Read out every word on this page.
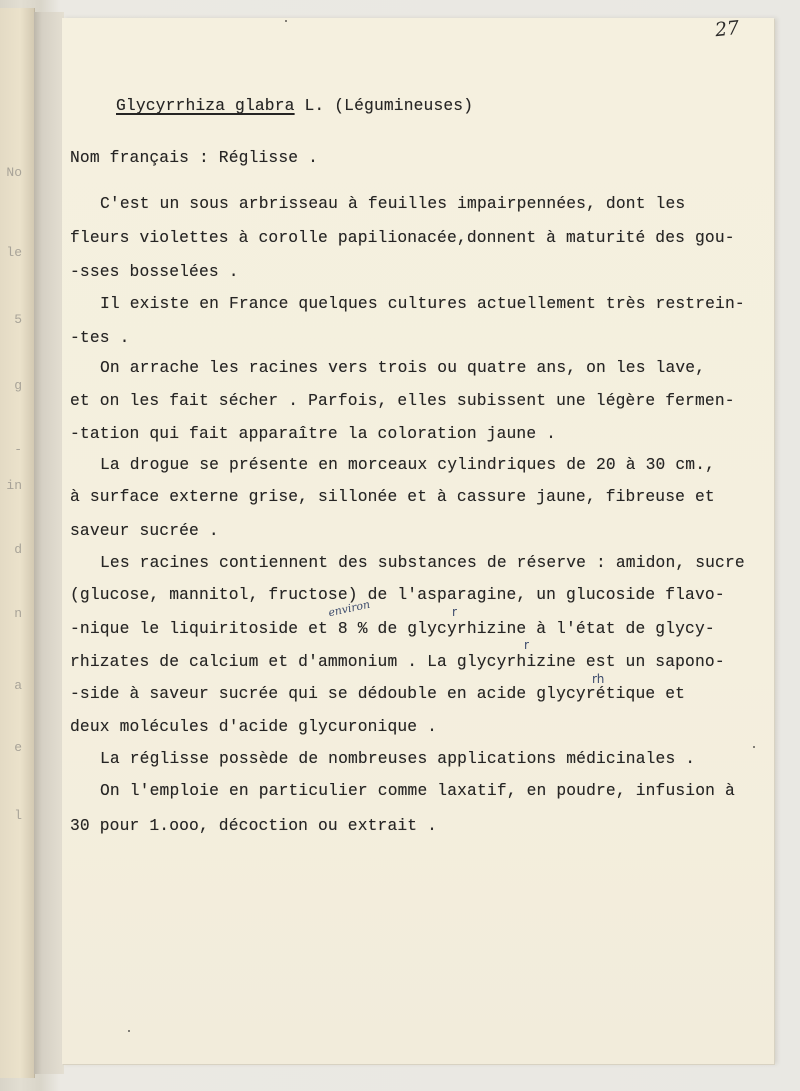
No
le
5
g
-
in
d
n
a
e
l
27
Glycyrrhiza glabra L. (Légumineuses)
Nom français : Réglisse .
C'est un sous arbrisseau à feuilles impairpennées, dont les
fleurs violettes à corolle papilionacée,donnent à maturité des gou-
-sses bosselées .
Il existe en France quelques cultures actuellement très restrein-
-tes .
On arrache les racines vers trois ou quatre ans, on les lave,
et on les fait sécher . Parfois, elles subissent une légère fermen-
-tation qui fait apparaître la coloration jaune .
La drogue se présente en morceaux cylindriques de 20 à 30 cm.,
à surface externe grise, sillonée et à cassure jaune, fibreuse et
saveur sucrée .
Les racines contiennent des substances de réserve : amidon, sucre
(glucose, mannitol, fructose) de l'asparagine, un glucoside flavo-
-nique le liquiritoside et 8 % de glycyrhizine à l'état de glycy-
rhizates de calcium et d'ammonium . La glycyrhizine est un sapono-
-side à saveur sucrée qui se dédouble en acide glycyrétique et
deux molécules d'acide glycuronique .
La réglisse possède de nombreuses applications médicinales .
On l'emploie en particulier comme laxatif, en poudre, infusion à
30 pour 1.ooo, décoction ou extrait .
environ	r
r
rh
